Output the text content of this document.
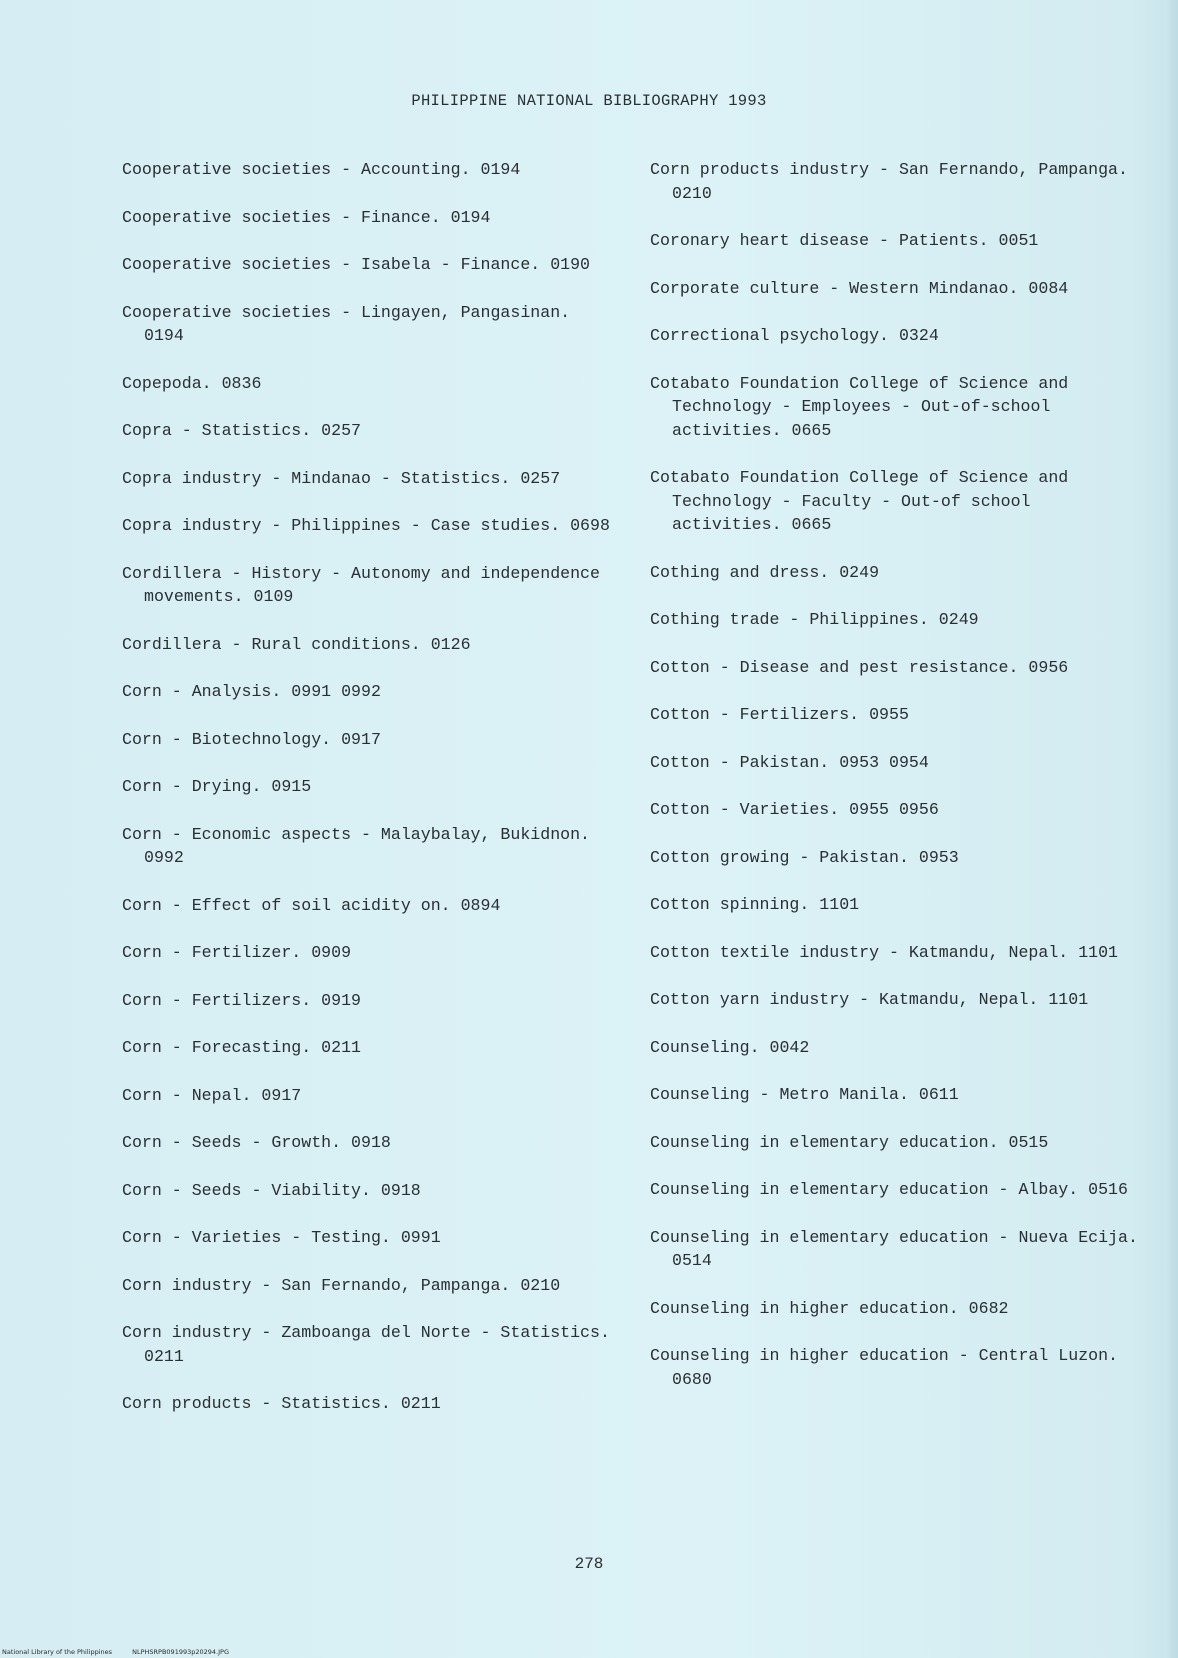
PHILIPPINE NATIONAL BIBLIOGRAPHY 1993

Cooperative societies - Accounting. 0194

Cooperative societies - Finance. 0194

Cooperative societies - Isabela - Finance. 0190

Cooperative societies - Lingayen, Pangasinan. 0194

Copepoda. 0836

Copra - Statistics. 0257

Copra industry - Mindanao - Statistics. 0257

Copra industry - Philippines - Case studies. 0698

Cordillera - History - Autonomy and independence movements. 0109

Cordillera - Rural conditions. 0126

Corn - Analysis. 0991 0992

Corn - Biotechnology. 0917

Corn - Drying. 0915

Corn - Economic aspects - Malaybalay, Bukidnon. 0992

Corn - Effect of soil acidity on. 0894

Corn - Fertilizer. 0909

Corn - Fertilizers. 0919

Corn - Forecasting. 0211

Corn - Nepal. 0917

Corn - Seeds - Growth. 0918

Corn - Seeds - Viability. 0918

Corn - Varieties - Testing. 0991

Corn industry - San Fernando, Pampanga. 0210

Corn industry - Zamboanga del Norte - Statistics. 0211

Corn products - Statistics. 0211

Corn products industry - San Fernando, Pampanga. 0210

Coronary heart disease - Patients. 0051

Corporate culture - Western Mindanao. 0084

Correctional psychology. 0324

Cotabato Foundation College of Science and Technology - Employees - Out-of-school activities. 0665

Cotabato Foundation College of Science and Technology - Faculty - Out-of school activities. 0665

Cothing and dress. 0249

Cothing trade - Philippines. 0249

Cotton - Disease and pest resistance. 0956

Cotton - Fertilizers. 0955

Cotton - Pakistan. 0953 0954

Cotton - Varieties. 0955 0956

Cotton growing - Pakistan. 0953

Cotton spinning. 1101

Cotton textile industry - Katmandu, Nepal. 1101

Cotton yarn industry - Katmandu, Nepal. 1101

Counseling. 0042

Counseling - Metro Manila. 0611

Counseling in elementary education. 0515

Counseling in elementary education - Albay. 0516

Counseling in elementary education - Nueva Ecija. 0514

Counseling in higher education. 0682

Counseling in higher education - Central Luzon. 0680

278
National Library of the Philippines	NLPHSRPB091993p20294.JPG
